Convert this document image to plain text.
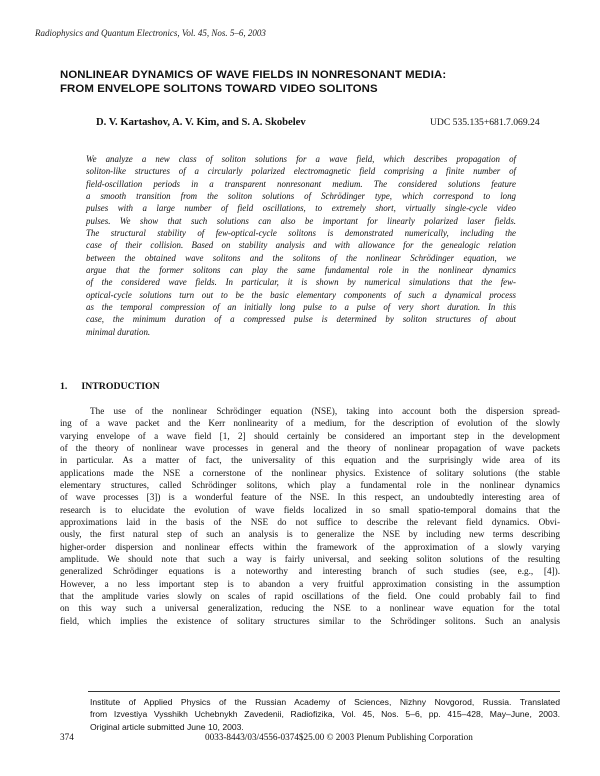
Radiophysics and Quantum Electronics, Vol. 45, Nos. 5–6, 2003
NONLINEAR DYNAMICS OF WAVE FIELDS IN NONRESONANT MEDIA:
FROM ENVELOPE SOLITONS TOWARD VIDEO SOLITONS
D. V. Kartashov, A. V. Kim, and S. A. Skobelev	UDC 535.135+681.7.069.24
We analyze a new class of soliton solutions for a wave field, which describes propagation of
soliton-like structures of a circularly polarized electromagnetic field comprising a finite number of
field-oscillation periods in a transparent nonresonant medium. The considered solutions feature
a smooth transition from the soliton solutions of Schrödinger type, which correspond to long
pulses with a large number of field oscillations, to extremely short, virtually single-cycle video
pulses. We show that such solutions can also be important for linearly polarized laser fields.
The structural stability of few-optical-cycle solitons is demonstrated numerically, including the
case of their collision. Based on stability analysis and with allowance for the genealogic relation
between the obtained wave solitons and the solitons of the nonlinear Schrödinger equation, we
argue that the former solitons can play the same fundamental role in the nonlinear dynamics
of the considered wave fields. In particular, it is shown by numerical simulations that the few-
optical-cycle solutions turn out to be the basic elementary components of such a dynamical process
as the temporal compression of an initially long pulse to a pulse of very short duration. In this
case, the minimum duration of a compressed pulse is determined by soliton structures of about
minimal duration.
1. INTRODUCTION
The use of the nonlinear Schrödinger equation (NSE), taking into account both the dispersion spread-
ing of a wave packet and the Kerr nonlinearity of a medium, for the description of evolution of the slowly
varying envelope of a wave field [1, 2] should certainly be considered an important step in the development
of the theory of nonlinear wave processes in general and the theory of nonlinear propagation of wave packets
in particular. As a matter of fact, the universality of this equation and the surprisingly wide area of its
applications made the NSE a cornerstone of the nonlinear physics. Existence of solitary solutions (the stable
elementary structures, called Schrödinger solitons, which play a fundamental role in the nonlinear dynamics
of wave processes [3]) is a wonderful feature of the NSE. In this respect, an undoubtedly interesting area of
research is to elucidate the evolution of wave fields localized in so small spatio-temporal domains that the
approximations laid in the basis of the NSE do not suffice to describe the relevant field dynamics. Obvi-
ously, the first natural step of such an analysis is to generalize the NSE by including new terms describing
higher-order dispersion and nonlinear effects within the framework of the approximation of a slowly varying
amplitude. We should note that such a way is fairly universal, and seeking soliton solutions of the resulting
generalized Schrödinger equations is a noteworthy and interesting branch of such studies (see, e.g., [4]).
However, a no less important step is to abandon a very fruitful approximation consisting in the assumption
that the amplitude varies slowly on scales of rapid oscillations of the field. One could probably fail to find
on this way such a universal generalization, reducing the NSE to a nonlinear wave equation for the total
field, which implies the existence of solitary structures similar to the Schrödinger solitons. Such an analysis
Institute of Applied Physics of the Russian Academy of Sciences, Nizhny Novgorod, Russia. Translated
from Izvestiya Vysshikh Uchebnykh Zavedenii, Radiofizika, Vol. 45, Nos. 5–6, pp. 415–428, May–June, 2003.
Original article submitted June 10, 2003.
374	0033-8443/03/4556-0374$25.00 © 2003 Plenum Publishing Corporation
